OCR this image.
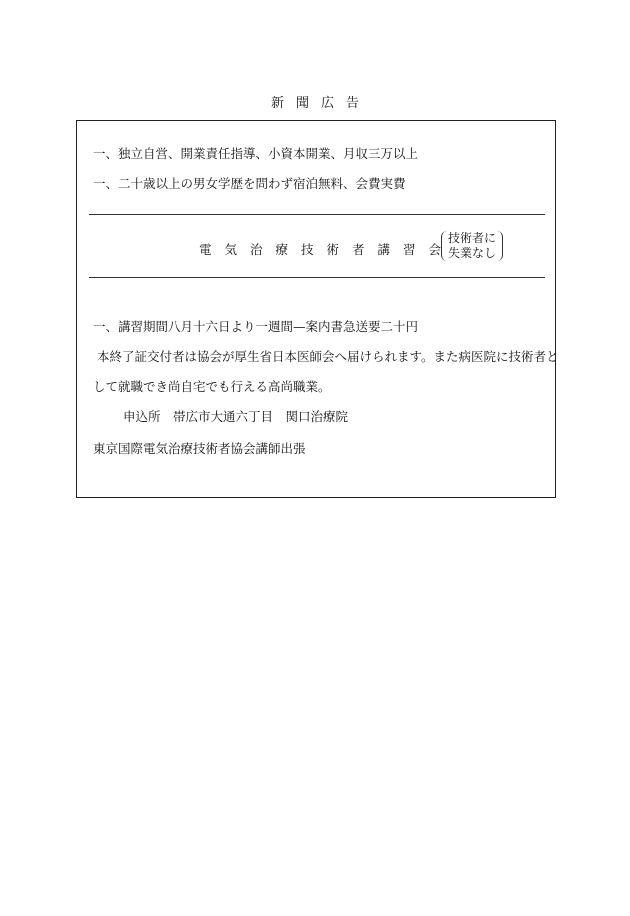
新聞広告
一、独立自営、開業責任指導、小資本開業、月収三万以上
一、二十歳以上の男女学歴を問わず宿泊無料、会費実費
電気治療技術者講習会
技術者に
失業なし
一、講習期間八月十六日より一週間—案内書急送要二十円
本終了証交付者は協会が厚生省日本医師会へ届けられます。また病医院に技術者と
して就職でき尚自宅でも行える高尚職業。
申込所　帯広市大通六丁目　関口治療院
東京国際電気治療技術者協会講師出張
